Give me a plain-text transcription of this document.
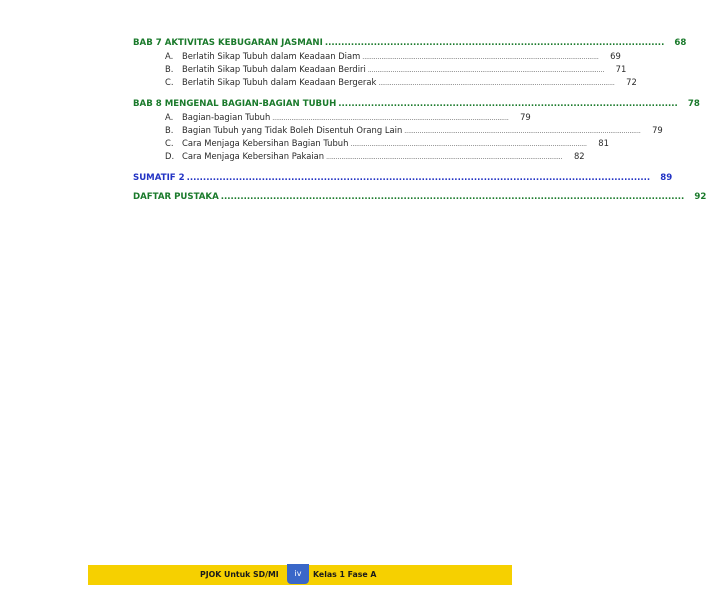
BAB 7 AKTIVITAS KEBUGARAN JASMANI ........................................................................................................	68
A.	Berlatih Sikap Tubuh dalam Keadaan Diam ............................................................................................................................	69
B.	Berlatih Sikap Tubuh dalam Keadaan Berdiri ............................................................................................................................	71
C.	Berlatih Sikap Tubuh dalam Keadaan Bergerak ............................................................................................................................	72
BAB 8 MENGENAL BAGIAN-BAGIAN TUBUH ........................................................................................................	78
A.	Bagian-bagian Tubuh ............................................................................................................................	79
B.	Bagian Tubuh yang Tidak Boleh Disentuh Orang Lain ............................................................................................................................	79
C.	Cara Menjaga Kebersihan Bagian Tubuh ............................................................................................................................	81
D. Cara Menjaga Kebersihan Pakaian ............................................................................................................................	82
SUMATIF 2 ..............................................................................................................................................	89
DAFTAR PUSTAKA ..............................................................................................................................................	92
PJOK Untuk SD/MI	iv	Kelas 1 Fase A
